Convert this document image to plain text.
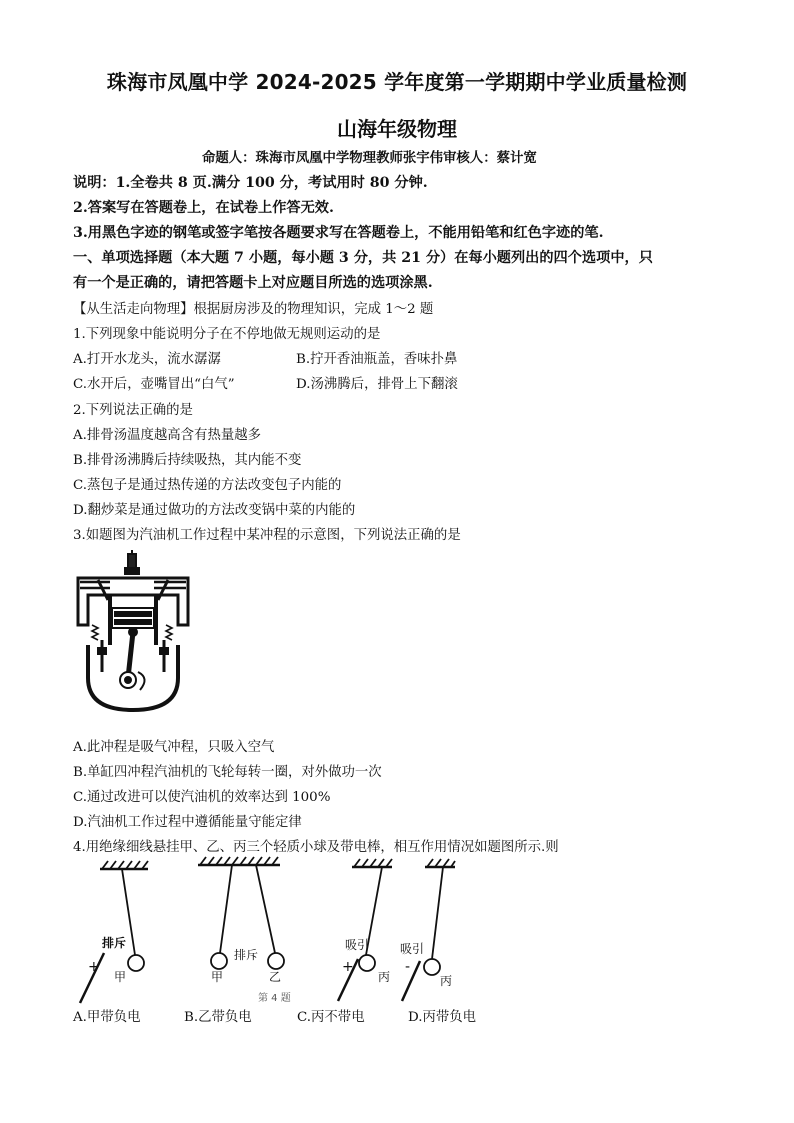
珠海市凤凰中学 2024-2025 学年度第一学期期中学业质量检测
山海年级物理
命题人：珠海市凤凰中学物理教师张宇伟审核人：蔡计宽
说明：1.全卷共 8 页.满分 100 分，考试用时 80 分钟.
2.答案写在答题卷上，在试卷上作答无效.
3.用黑色字迹的钢笔或签字笔按各题要求写在答题卷上，不能用铅笔和红色字迹的笔.
一、单项选择题（本大题 7 小题，每小题 3 分，共 21 分）在每小题列出的四个选项中，只
有一个是正确的，请把答题卡上对应题目所选的选项涂黑.
【从生活走向物理】根据厨房涉及的物理知识，完成 1～2 题
1.下列现象中能说明分子在不停地做无规则运动的是
A.打开水龙头，流水潺潺	B.拧开香油瓶盖，香味扑鼻
C.水开后，壶嘴冒出“白气”	D.汤沸腾后，排骨上下翻滚
2.下列说法正确的是
A.排骨汤温度越高含有热量越多
B.排骨汤沸腾后持续吸热，其内能不变
C.蒸包子是通过热传递的方法改变包子内能的
D.翻炒菜是通过做功的方法改变锅中菜的内能的
3.如题图为汽油机工作过程中某冲程的示意图，下列说法正确的是
A.此冲程是吸气冲程，只吸入空气
B.单缸四冲程汽油机的飞轮每转一圈，对外做功一次
C.通过改进可以使汽油机的效率达到 100%
D.汽油机工作过程中遵循能量守能定律
4.用绝缘细线悬挂甲、乙、丙三个轻质小球及带电棒，相互作用情况如题图所示.则
排斥
甲
+
排斥
甲	乙
吸引
+
丙
吸引
-
丙
第 4 题
A.甲带负电	B.乙带负电	C.丙不带电	D.丙带负电
